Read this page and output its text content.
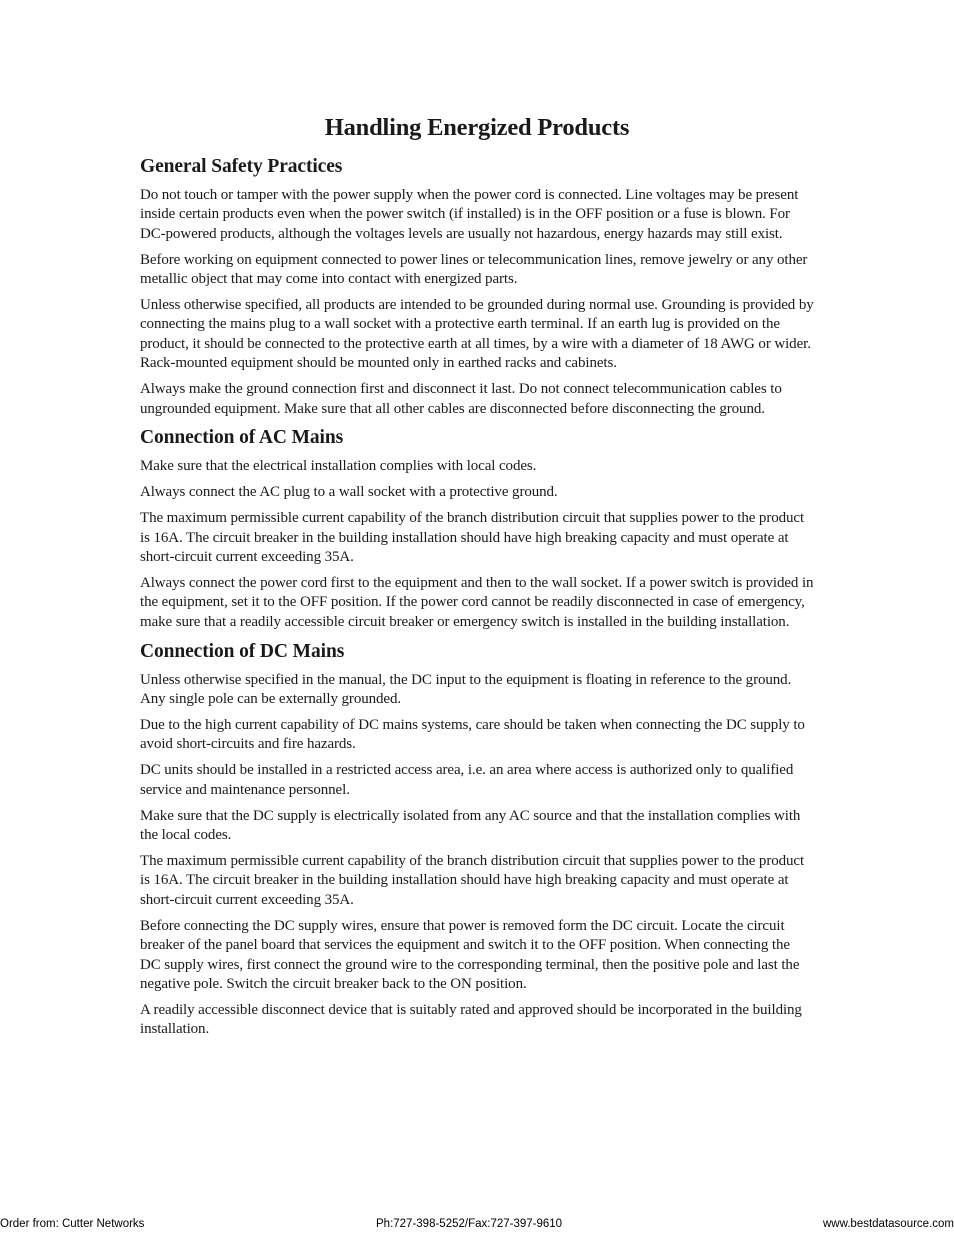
Handling Energized Products
General Safety Practices

Do not touch or tamper with the power supply when the power cord is connected. Line voltages may be present inside certain products even when the power switch (if installed) is in the OFF position or a fuse is blown. For DC-powered products, although the voltages levels are usually not hazardous, energy hazards may still exist.

Before working on equipment connected to power lines or telecommunication lines, remove jewelry or any other metallic object that may come into contact with energized parts.

Unless otherwise specified, all products are intended to be grounded during normal use. Grounding is provided by connecting the mains plug to a wall socket with a protective earth terminal. If an earth lug is provided on the product, it should be connected to the protective earth at all times, by a wire with a diameter of 18 AWG or wider. Rack-mounted equipment should be mounted only in earthed racks and cabinets.

Always make the ground connection first and disconnect it last. Do not connect telecommunication cables to ungrounded equipment. Make sure that all other cables are disconnected before disconnecting the ground.

Connection of AC Mains

Make sure that the electrical installation complies with local codes.

Always connect the AC plug to a wall socket with a protective ground.

The maximum permissible current capability of the branch distribution circuit that supplies power to the product is 16A. The circuit breaker in the building installation should have high breaking capacity and must operate at short-circuit current exceeding 35A.

Always connect the power cord first to the equipment and then to the wall socket. If a power switch is provided in the equipment, set it to the OFF position. If the power cord cannot be readily disconnected in case of emergency, make sure that a readily accessible circuit breaker or emergency switch is installed in the building installation.

Connection of DC Mains

Unless otherwise specified in the manual, the DC input to the equipment is floating in reference to the ground. Any single pole can be externally grounded.

Due to the high current capability of DC mains systems, care should be taken when connecting the DC supply to avoid short-circuits and fire hazards.

DC units should be installed in a restricted access area, i.e. an area where access is authorized only to qualified service and maintenance personnel.

Make sure that the DC supply is electrically isolated from any AC source and that the installation complies with the local codes.

The maximum permissible current capability of the branch distribution circuit that supplies power to the product is 16A. The circuit breaker in the building installation should have high breaking capacity and must operate at short-circuit current exceeding 35A.

Before connecting the DC supply wires, ensure that power is removed form the DC circuit. Locate the circuit breaker of the panel board that services the equipment and switch it to the OFF position. When connecting the DC supply wires, first connect the ground wire to the corresponding terminal, then the positive pole and last the negative pole. Switch the circuit breaker back to the ON position.

A readily accessible disconnect device that is suitably rated and approved should be incorporated in the building installation.

Order from: Cutter Networks	Ph:727-398-5252/Fax:727-397-9610	www.bestdatasource.com
